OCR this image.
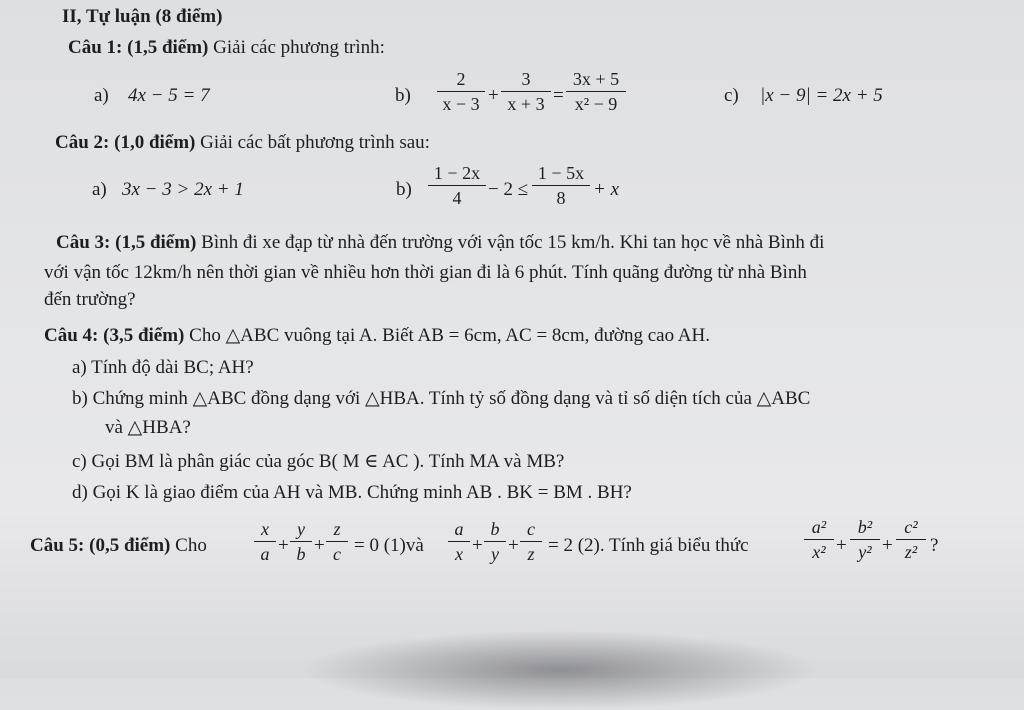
II, Tự luận (8 điểm)
Câu 1: (1,5 điểm) Giải các phương trình:
a) 4x − 5 = 7	$b) \frac{2}{x - 3} + \frac{3}{x + 3} = \frac{3x + 5}{\text{x² − 9}}$	c) |x − 9| = 2x + 5
Câu 2: (1,0 điểm) Giải các bất phương trình sau:
a) 3x − 3 > 2x + 1	$b) \frac{1 - 2x}{4} - 2 \le \frac{1 - 5x}{8} + x$
Câu 3: (1,5 điểm) Bình đi xe đạp từ nhà đến trường với vận tốc 15 km/h. Khi tan học về nhà Bình đi
với vận tốc 12km/h nên thời gian về nhiều hơn thời gian đi là 6 phút. Tính quãng đường từ nhà Bình
đến trường?
Câu 4: (3,5 điểm) Cho △ABC vuông tại A. Biết AB = 6cm, AC = 8cm, đường cao AH.
a) Tính độ dài BC; AH?
b) Chứng minh △ABC đồng dạng với △HBA. Tính tỷ số đồng dạng và tỉ số diện tích của △ABC
và △HBA?
c) Gọi BM là phân giác của góc B( M ∈ AC ). Tính MA và MB?
d) Gọi K là giao điểm của AH và MB. Chứng minh AB . BK = BM . BH?
Câu 5: (0,5 điểm) Cho	$\frac{x}{a} + \frac{y}{b} + \frac{z}{c} = 0$ (1)và $\frac{a}{x} + \frac{b}{y} + \frac{c}{z} = 2$ (2). Tính giá biểu thức	$\frac{\text{a²}}{\text{x²}} + \frac{\text{b²}}{\text{y²}} + \frac{\text{c²}}{\text{z²}}$ ?
